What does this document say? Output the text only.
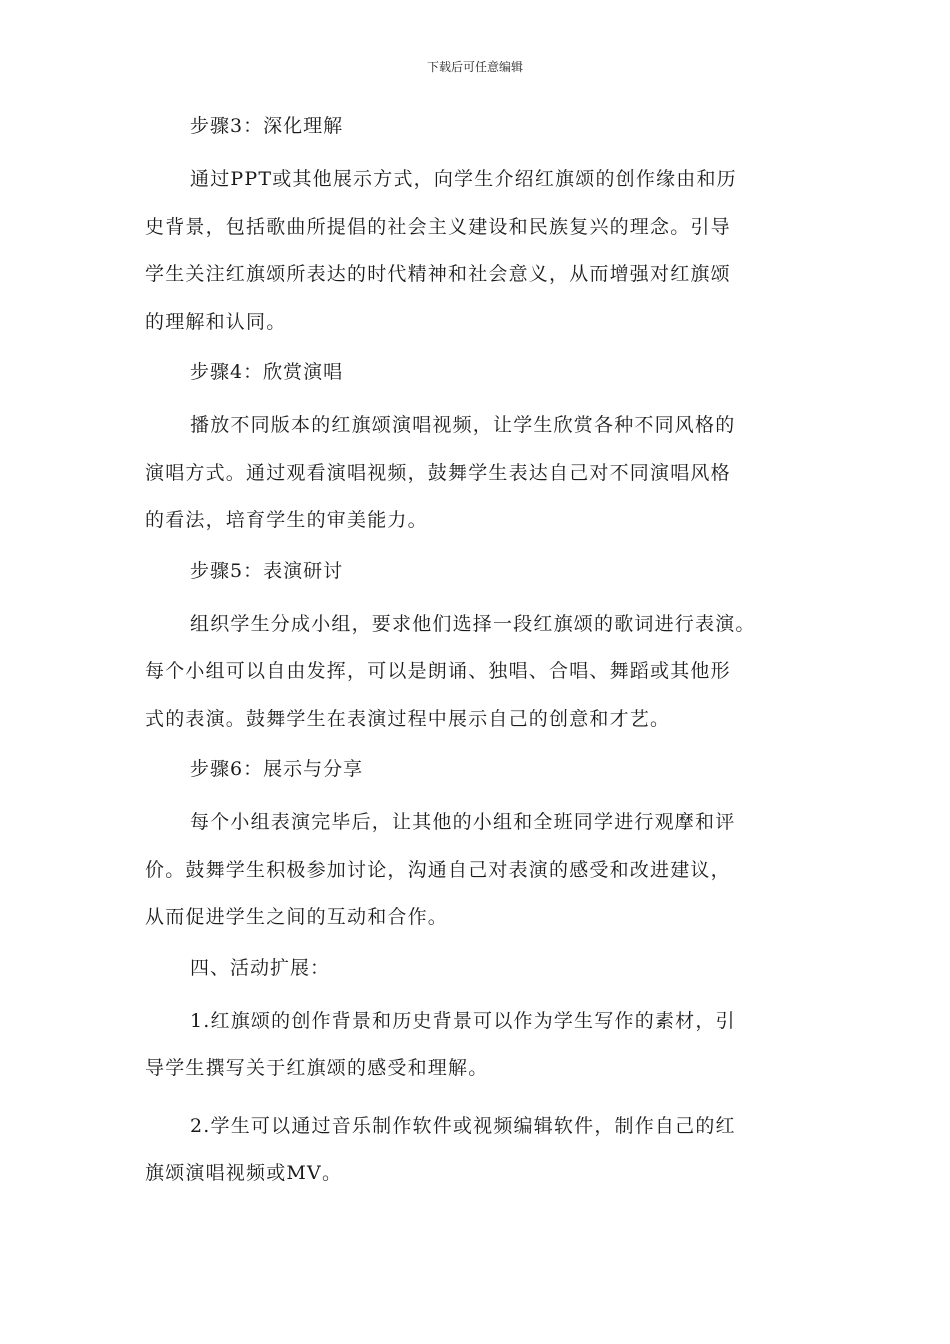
下载后可任意编辑
步骤3：深化理解
通过PPT或其他展示方式，向学生介绍红旗颂的创作缘由和历
史背景，包括歌曲所提倡的社会主义建设和民族复兴的理念。引导
学生关注红旗颂所表达的时代精神和社会意义，从而增强对红旗颂
的理解和认同。
步骤4：欣赏演唱
播放不同版本的红旗颂演唱视频，让学生欣赏各种不同风格的
演唱方式。通过观看演唱视频，鼓舞学生表达自己对不同演唱风格
的看法，培育学生的审美能力。
步骤5：表演研讨
组织学生分成小组，要求他们选择一段红旗颂的歌词进行表演。
每个小组可以自由发挥，可以是朗诵、独唱、合唱、舞蹈或其他形
式的表演。鼓舞学生在表演过程中展示自己的创意和才艺。
步骤6：展示与分享
每个小组表演完毕后，让其他的小组和全班同学进行观摩和评
价。鼓舞学生积极参加讨论，沟通自己对表演的感受和改进建议，
从而促进学生之间的互动和合作。
四、活动扩展：
1.红旗颂的创作背景和历史背景可以作为学生写作的素材，引
导学生撰写关于红旗颂的感受和理解。
2.学生可以通过音乐制作软件或视频编辑软件，制作自己的红
旗颂演唱视频或MV。
